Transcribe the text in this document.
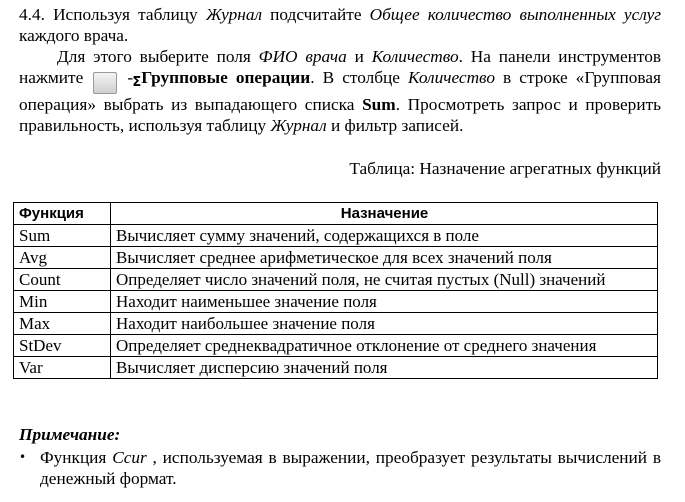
4.4. Используя таблицу Журнал подсчитайте Общее количество выполненных услуг каждого врача.

Для этого выберите поля ФИО врача и Количество. На панели инструментов нажмите	Σ - Групповые операции. В столбце Количество в строке «Групповая операция» выбрать из выпадающего списка Sum. Просмотреть запрос и проверить правильность, используя таблицу Журнал и фильтр записей.

Таблица: Назначение агрегатных функций
Функция	Назначение
Sum	Вычисляет сумму значений, содержащихся в поле
Avg	Вычисляет среднее арифметическое для всех значений поля
Count	Определяет число значений поля, не считая пустых (Null) значений
Min	Находит наименьшее значение поля
Max	Находит наибольшее значение поля
StDev	Определяет среднеквадратичное отклонение от среднего значения
Var	Вычисляет дисперсию значений поля
Примечание:
• Функция Ccur , используемая в выражении, преобразует результаты вычислений в денежный формат.
